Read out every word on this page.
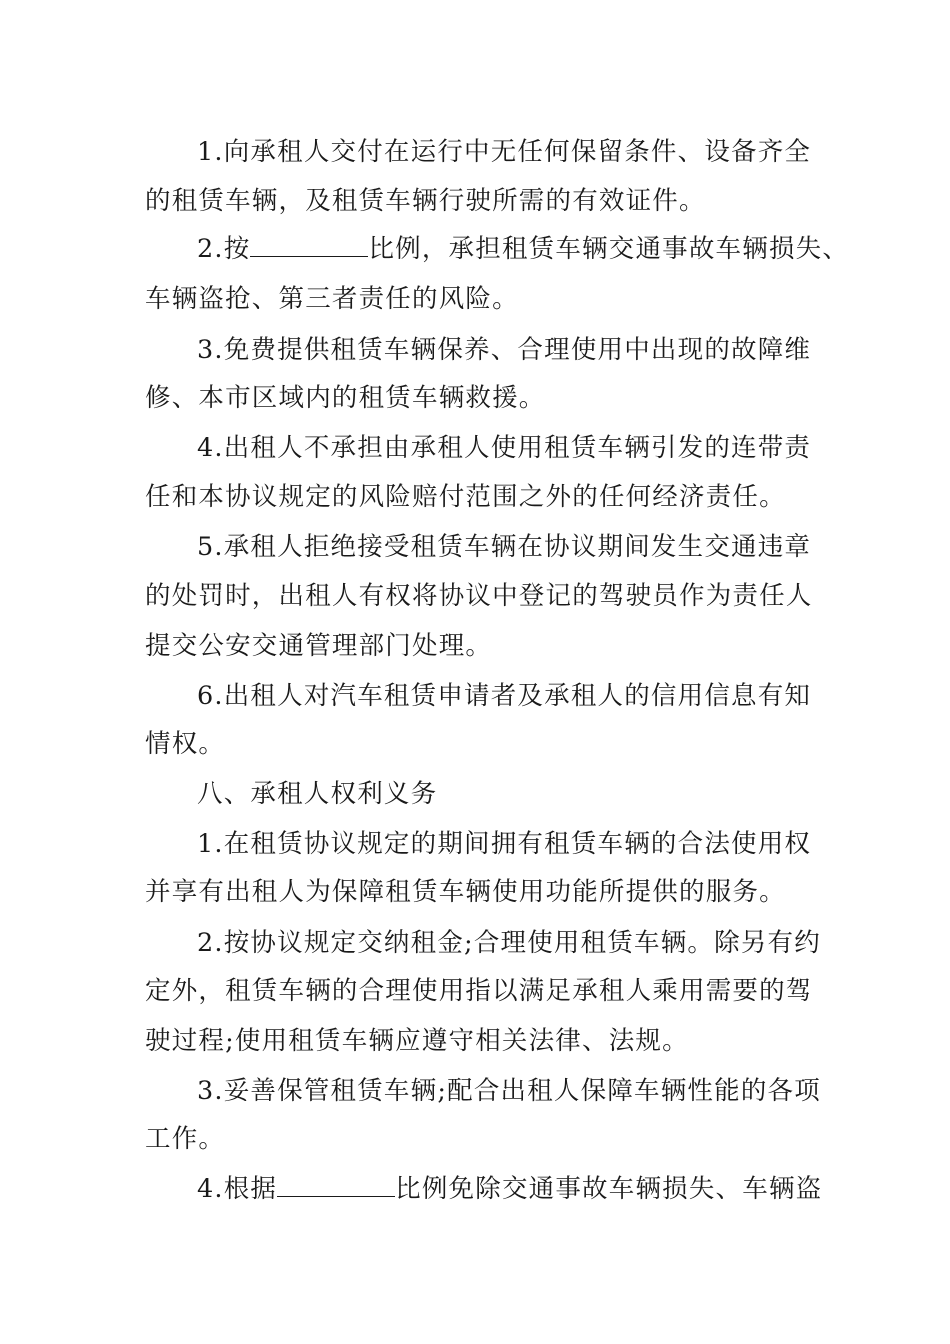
1.向承租人交付在运行中无任何保留条件、设备齐全
的租赁车辆，及租赁车辆行驶所需的有效证件。
2.按	比例，承担租赁车辆交通事故车辆损失、
车辆盗抢、第三者责任的风险。
3.免费提供租赁车辆保养、合理使用中出现的故障维
修、本市区域内的租赁车辆救援。
4.出租人不承担由承租人使用租赁车辆引发的连带责
任和本协议规定的风险赔付范围之外的任何经济责任。
5.承租人拒绝接受租赁车辆在协议期间发生交通违章
的处罚时，出租人有权将协议中登记的驾驶员作为责任人
提交公安交通管理部门处理。
6.出租人对汽车租赁申请者及承租人的信用信息有知
情权。
八、承租人权利义务
1.在租赁协议规定的期间拥有租赁车辆的合法使用权
并享有出租人为保障租赁车辆使用功能所提供的服务。
2.按协议规定交纳租金;合理使用租赁车辆。除另有约
定外，租赁车辆的合理使用指以满足承租人乘用需要的驾
驶过程;使用租赁车辆应遵守相关法律、法规。
3.妥善保管租赁车辆;配合出租人保障车辆性能的各项
工作。
4.根据	比例免除交通事故车辆损失、车辆盗
